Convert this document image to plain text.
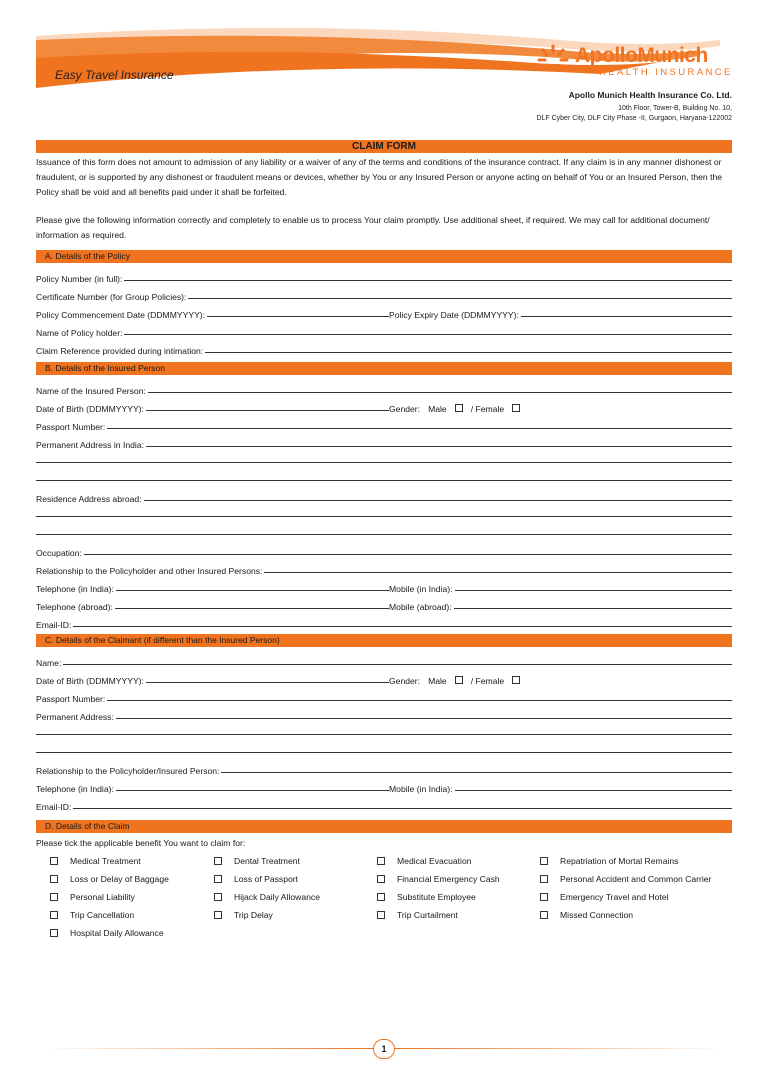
Easy Travel Insurance
ApolloMunich
HEALTH INSURANCE
Apollo Munich Health Insurance Co. Ltd.
10th Floor, Tower-B, Building No. 10,
DLF Cyber City, DLF City Phase -II, Gurgaon, Haryana-122002
CLAIM FORM
Issuance of this form does not amount to admission of any liability or a waiver of any of the terms and conditions of the insurance contract. If any claim is in any manner dishonest or fraudulent, or is supported by any dishonest or fraudulent means or devices, whether by You or any Insured Person or anyone acting on behalf of You or an Insured Person, then the Policy shall be void and all benefits paid under it shall be forfeited.
Please give the following information correctly and completely to enable us to process Your claim promptly. Use additional sheet, if required. We may call for additional document/ information as required.
A. Details of the Policy
Policy Number (in full):
Certificate Number (for Group Policies):
Policy Commencement Date (DDMMYYYY):	Policy Expiry Date (DDMMYYYY):
Name of Policy holder:
Claim Reference provided during intimation:
B. Details of the Insured Person
Name of the Insured Person:
Date of Birth (DDMMYYYY):	Gender: Male	/ Female
Passport Number:
Permanent Address in India:
Residence Address abroad:
Occupation:
Relationship to the Policyholder and other Insured Persons:
Telephone (in India):	Mobile (in India):
Telephone (abroad):	Mobile (abroad):
Email-ID:
C. Details of the Claimant (if different than the Insured Person)
Name:
Date of Birth (DDMMYYYY):	Gender: Male	/ Female
Passport Number:
Permanent Address:
Relationship to the Policyholder/Insured Person:
Telephone (in India):	Mobile (in India):
Email-ID:
D. Details of the Claim
Please tick the applicable benefit You want to claim for:
Medical Treatment	Dental Treatment	Medical Evacuation	Repatriation of Mortal Remains
Loss or Delay of Baggage	Loss of Passport	Financial Emergency Cash	Personal Accident and Common Carrier
Personal Liability	Hijack Daily Allowance	Substitute Employee	Emergency Travel and Hotel
Trip Cancellation	Trip Delay	Trip Curtailment	Missed Connection
Hospital Daily Allowance
1
